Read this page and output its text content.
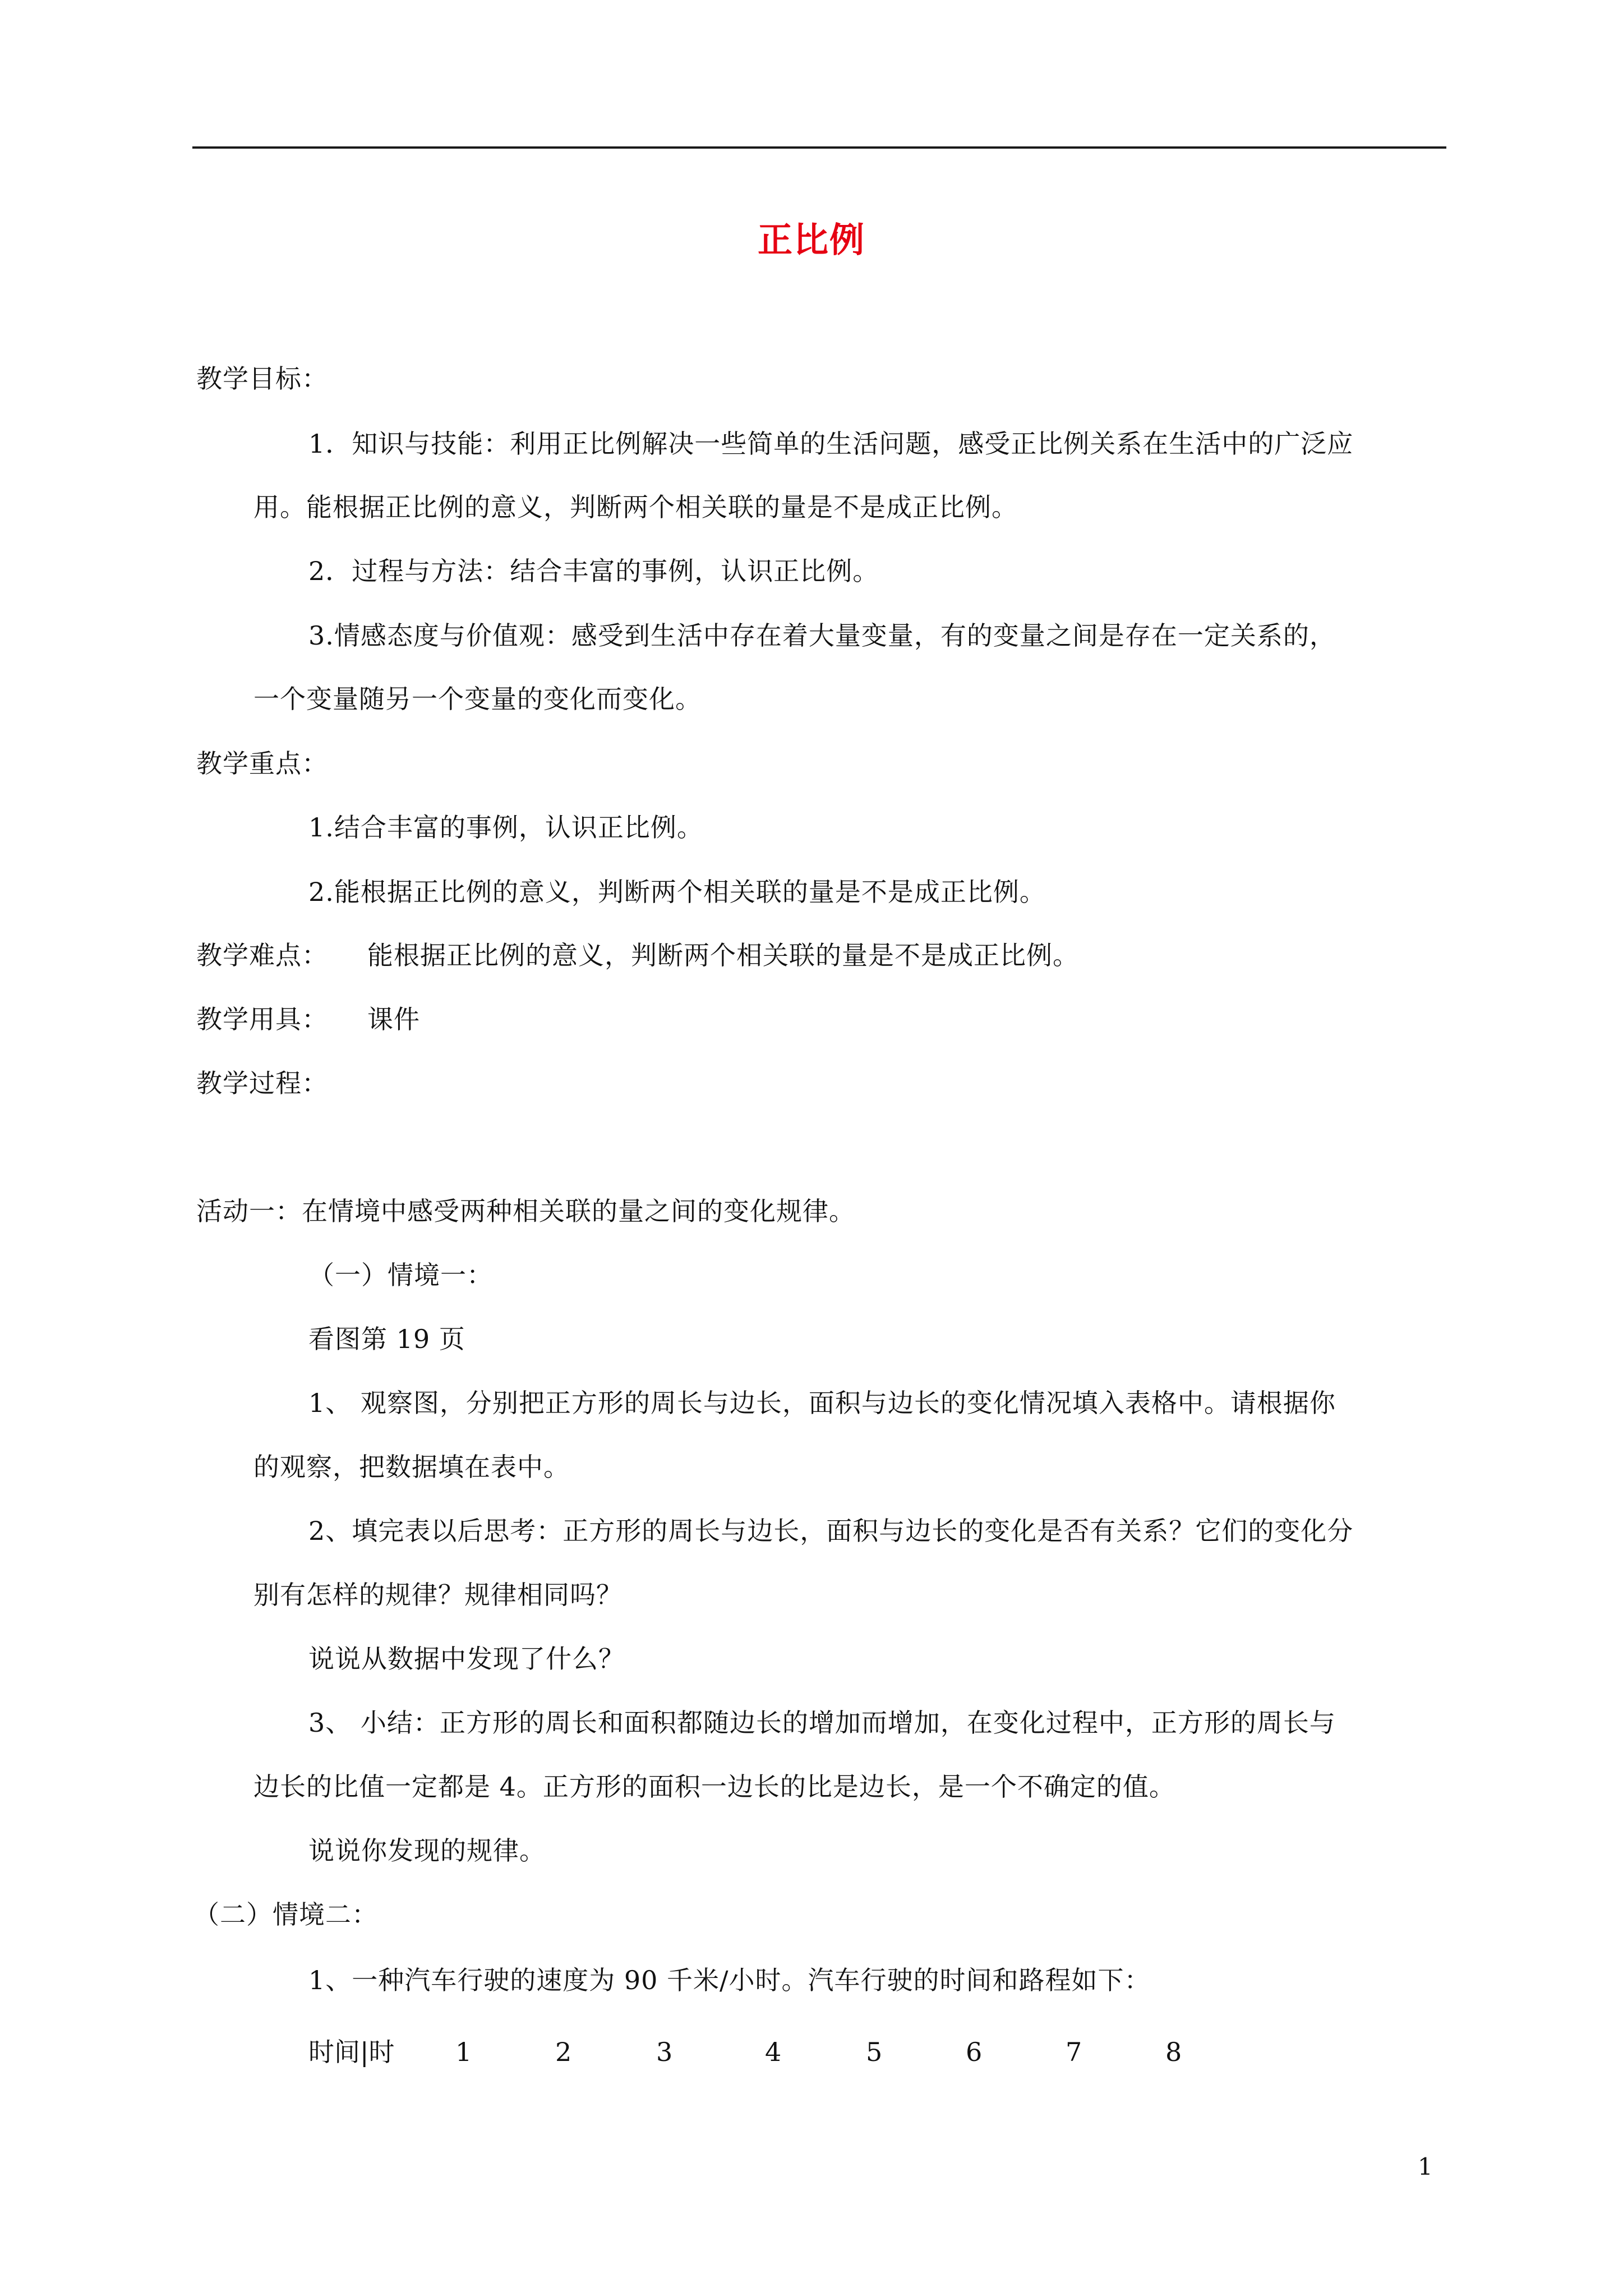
正比例
教学目标：
1．知识与技能：利用正比例解决一些简单的生活问题，感受正比例关系在生活中的广泛应
用。能根据正比例的意义，判断两个相关联的量是不是成正比例。
2．过程与方法：结合丰富的事例，认识正比例。
3.情感态度与价值观：感受到生活中存在着大量变量，有的变量之间是存在一定关系的，
一个变量随另一个变量的变化而变化。
教学重点：
1.结合丰富的事例，认识正比例。
2.能根据正比例的意义，判断两个相关联的量是不是成正比例。
教学难点： 能根据正比例的意义，判断两个相关联的量是不是成正比例。
教学用具： 课件
教学过程：
活动一：在情境中感受两种相关联的量之间的变化规律。
（一）情境一：
看图第 19 页
1、 观察图，分别把正方形的周长与边长，面积与边长的变化情况填入表格中。请根据你
的观察，把数据填在表中。
2、填完表以后思考：正方形的周长与边长，面积与边长的变化是否有关系？它们的变化分
别有怎样的规律？规律相同吗？
说说从数据中发现了什么？
3、 小结：正方形的周长和面积都随边长的增加而增加，在变化过程中，正方形的周长与
边长的比值一定都是 4。正方形的面积一边长的比是边长，是一个不确定的值。
说说你发现的规律。
（二）情境二：
1、一种汽车行驶的速度为 90 千米/小时。汽车行驶的时间和路程如下：
时间|时 1	2	3	4	5	6	7	8
1
